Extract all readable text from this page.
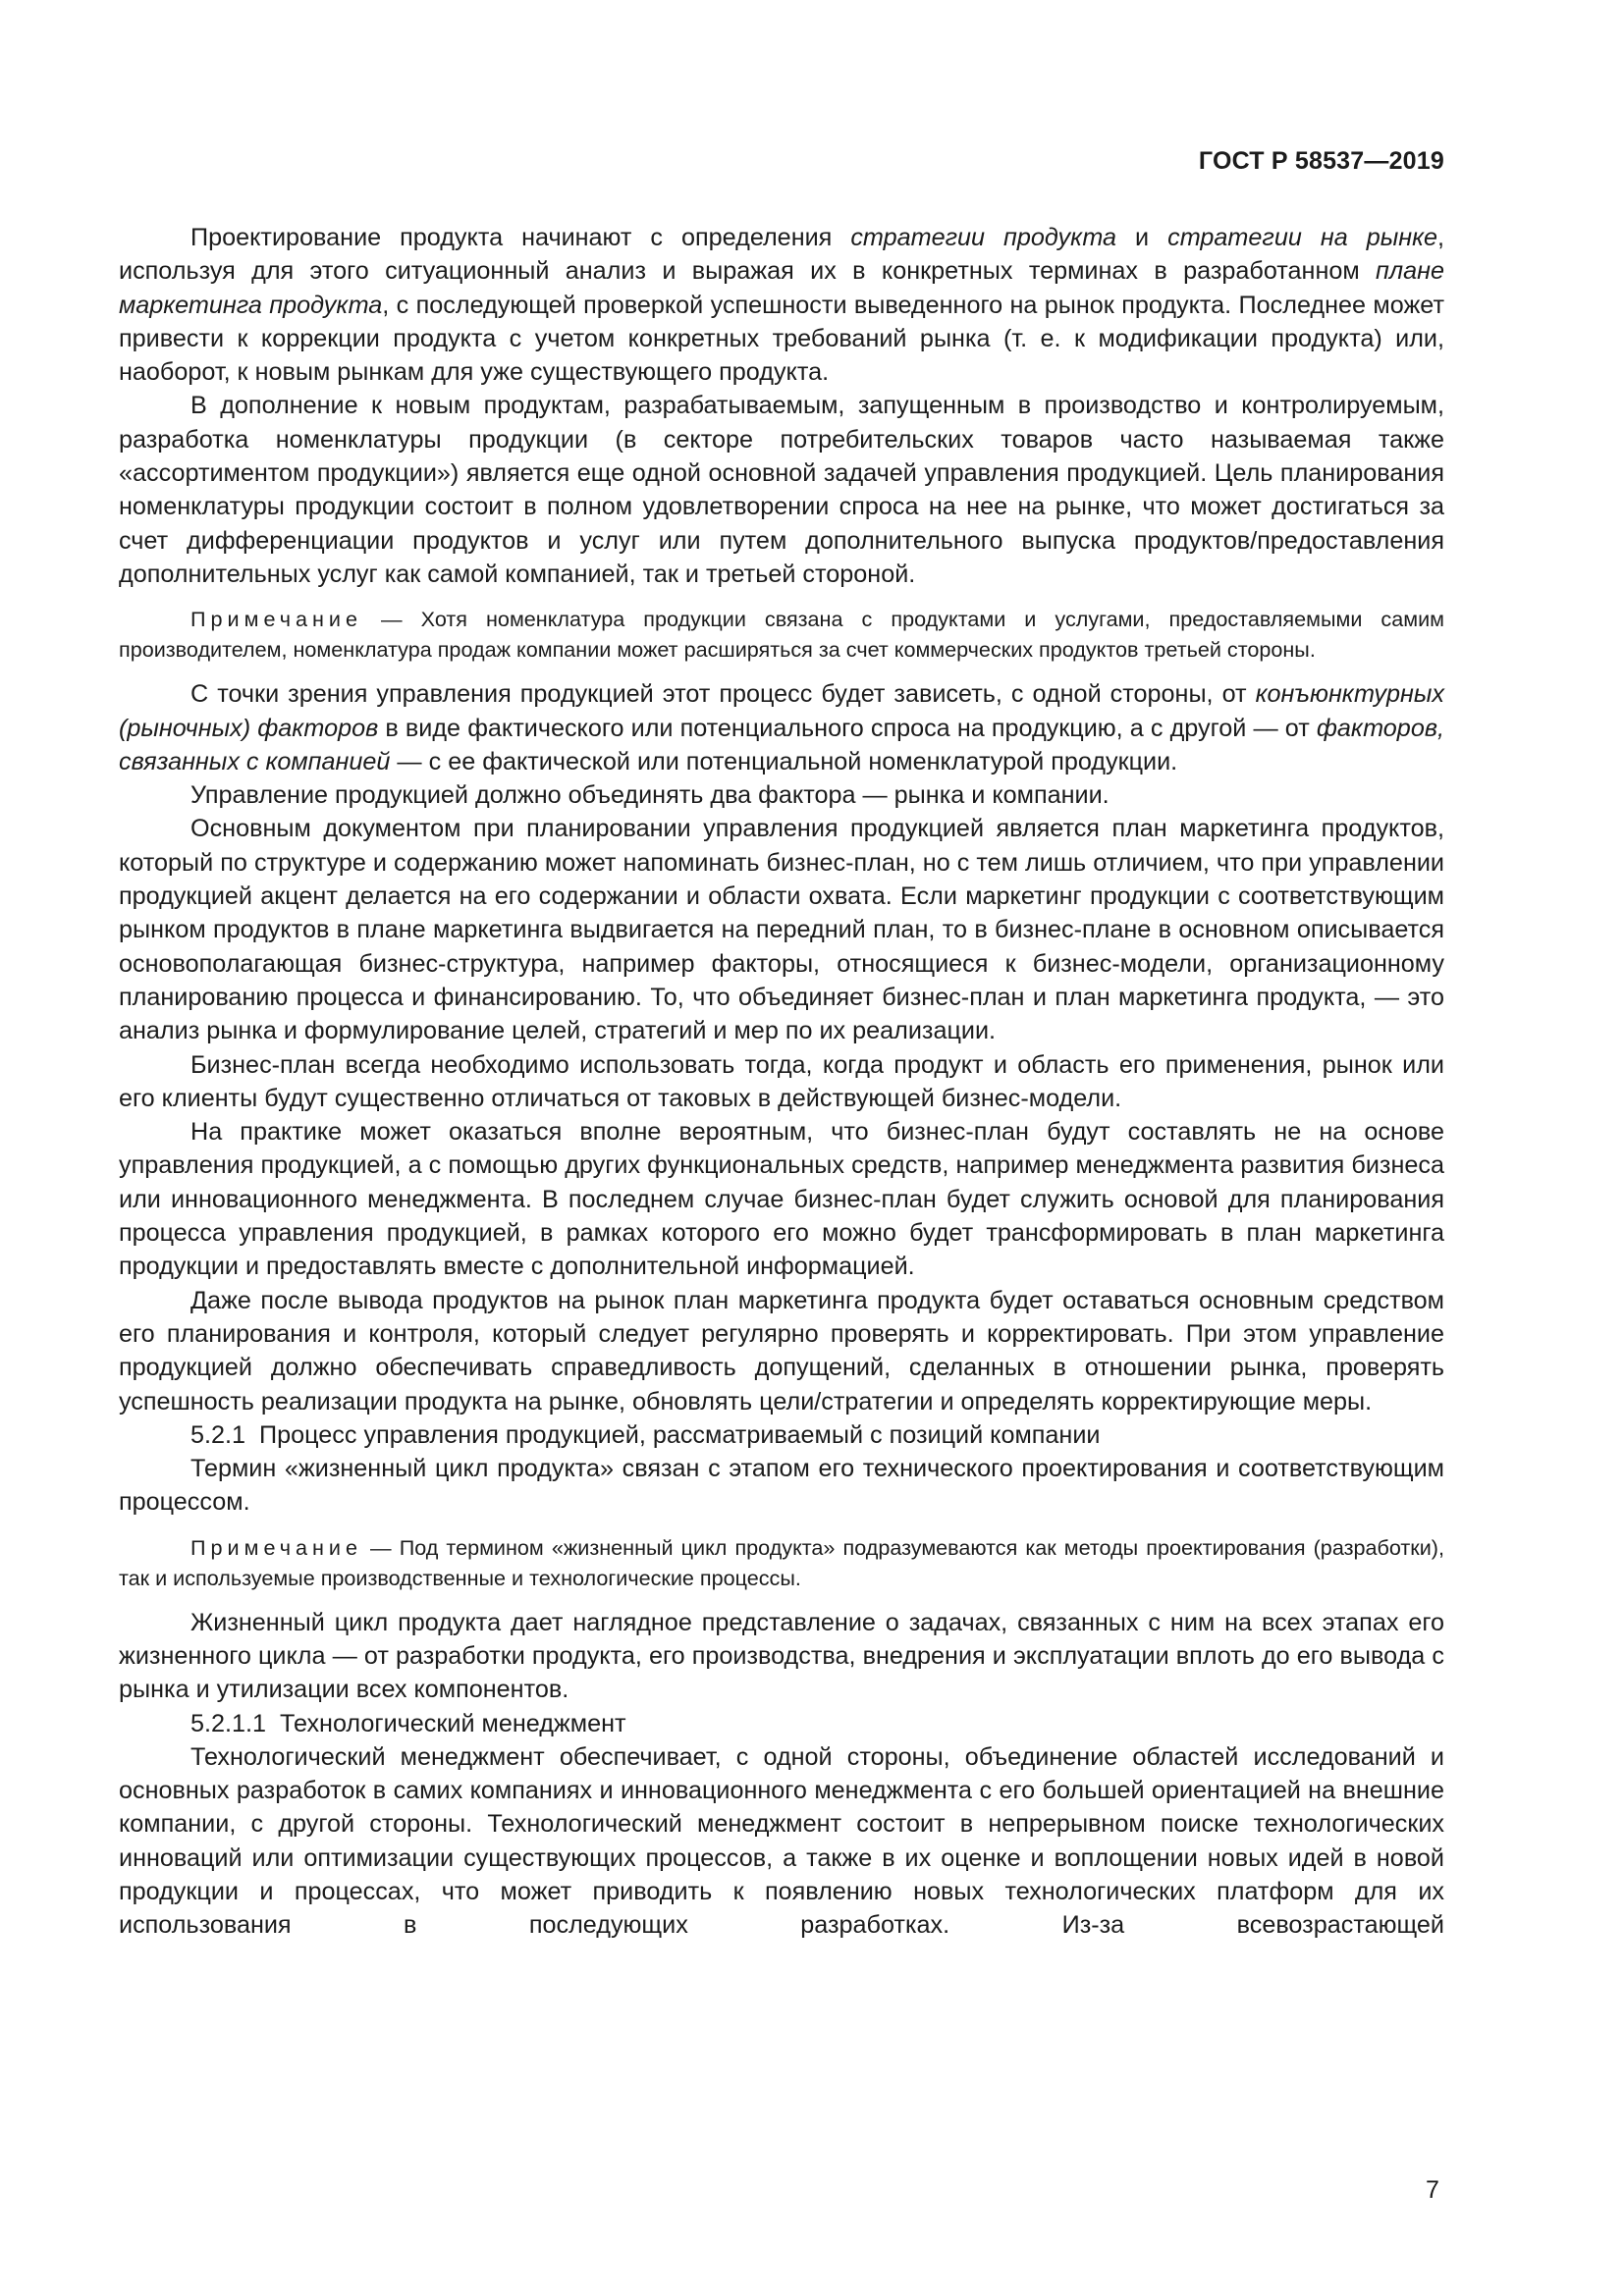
ГОСТ Р 58537—2019

Проектирование продукта начинают с определения стратегии продукта и стратегии на рынке, используя для этого ситуационный анализ и выражая их в конкретных терминах в разработанном плане маркетинга продукта, с последующей проверкой успешности выведенного на рынок продукта. Последнее может привести к коррекции продукта с учетом конкретных требований рынка (т. е. к модификации продукта) или, наоборот, к новым рынкам для уже существующего продукта.

В дополнение к новым продуктам, разрабатываемым, запущенным в производство и контролируемым, разработка номенклатуры продукции (в секторе потребительских товаров часто называемая также «ассортиментом продукции») является еще одной основной задачей управления продукцией. Цель планирования номенклатуры продукции состоит в полном удовлетворении спроса на нее на рынке, что может достигаться за счет дифференциации продуктов и услуг или путем дополнительного выпуска продуктов/предоставления дополнительных услуг как самой компанией, так и третьей стороной.

Примечание — Хотя номенклатура продукции связана с продуктами и услугами, предоставляемыми самим производителем, номенклатура продаж компании может расширяться за счет коммерческих продуктов третьей стороны.

С точки зрения управления продукцией этот процесс будет зависеть, с одной стороны, от конъюнктурных (рыночных) факторов в виде фактического или потенциального спроса на продукцию, а с другой — от факторов, связанных с компанией — с ее фактической или потенциальной номенклатурой продукции.

Управление продукцией должно объединять два фактора — рынка и компании.

Основным документом при планировании управления продукцией является план маркетинга продуктов, который по структуре и содержанию может напоминать бизнес-план, но с тем лишь отличием, что при управлении продукцией акцент делается на его содержании и области охвата. Если маркетинг продукции с соответствующим рынком продуктов в плане маркетинга выдвигается на передний план, то в бизнес-плане в основном описывается основополагающая бизнес-структура, например факторы, относящиеся к бизнес-модели, организационному планированию процесса и финансированию. То, что объединяет бизнес-план и план маркетинга продукта, — это анализ рынка и формулирование целей, стратегий и мер по их реализации.

Бизнес-план всегда необходимо использовать тогда, когда продукт и область его применения, рынок или его клиенты будут существенно отличаться от таковых в действующей бизнес-модели.

На практике может оказаться вполне вероятным, что бизнес-план будут составлять не на основе управления продукцией, а с помощью других функциональных средств, например менеджмента развития бизнеса или инновационного менеджмента. В последнем случае бизнес-план будет служить основой для планирования процесса управления продукцией, в рамках которого его можно будет трансформировать в план маркетинга продукции и предоставлять вместе с дополнительной информацией.

Даже после вывода продуктов на рынок план маркетинга продукта будет оставаться основным средством его планирования и контроля, который следует регулярно проверять и корректировать. При этом управление продукцией должно обеспечивать справедливость допущений, сделанных в отношении рынка, проверять успешность реализации продукта на рынке, обновлять цели/стратегии и определять корректирующие меры.

5.2.1  Процесс управления продукцией, рассматриваемый с позиций компании

Термин «жизненный цикл продукта» связан с этапом его технического проектирования и соответствующим процессом.

Примечание — Под термином «жизненный цикл продукта» подразумеваются как методы проектирования (разработки), так и используемые производственные и технологические процессы.

Жизненный цикл продукта дает наглядное представление о задачах, связанных с ним на всех этапах его жизненного цикла — от разработки продукта, его производства, внедрения и эксплуатации вплоть до его вывода с рынка и утилизации всех компонентов.

5.2.1.1  Технологический менеджмент

Технологический менеджмент обеспечивает, с одной стороны, объединение областей исследований и основных разработок в самих компаниях и инновационного менеджмента с его большей ориентацией на внешние компании, с другой стороны. Технологический менеджмент состоит в непрерывном поиске технологических инноваций или оптимизации существующих процессов, а также в их оценке и воплощении новых идей в новой продукции и процессах, что может приводить к появлению новых технологических платформ для их использования в последующих разработках. Из-за всевозрастающей

7
